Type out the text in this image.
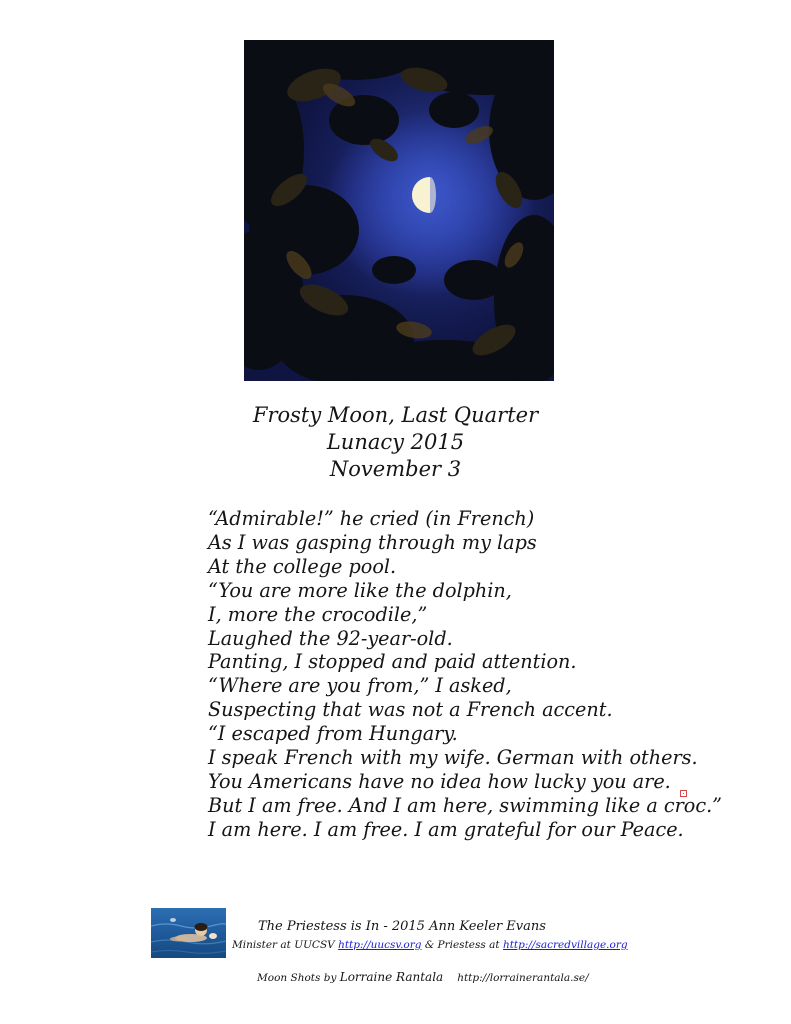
Frosty Moon, Last Quarter
Lunacy 2015
November 3
“Admirable!” he cried (in French)
As I was gasping through my laps
At the college pool.
“You are more like the dolphin,
I, more the crocodile,”
Laughed the 92-year-old.
Panting, I stopped and paid attention.
“Where are you from,” I asked,
Suspecting that was not a French accent.
“I escaped from Hungary.
I speak French with my wife. German with others.
You Americans have no idea how lucky you are.
But I am free. And I am here, swimming like a croc.”
I am here. I am free. I am grateful for our Peace.
The Priestess is In - 2015 Ann Keeler Evans
Minister at UUCSV http://uucsv.org & Priestess at http://sacredvillage.org
Moon Shots by Lorraine Rantala http://lorrainerantala.se/
